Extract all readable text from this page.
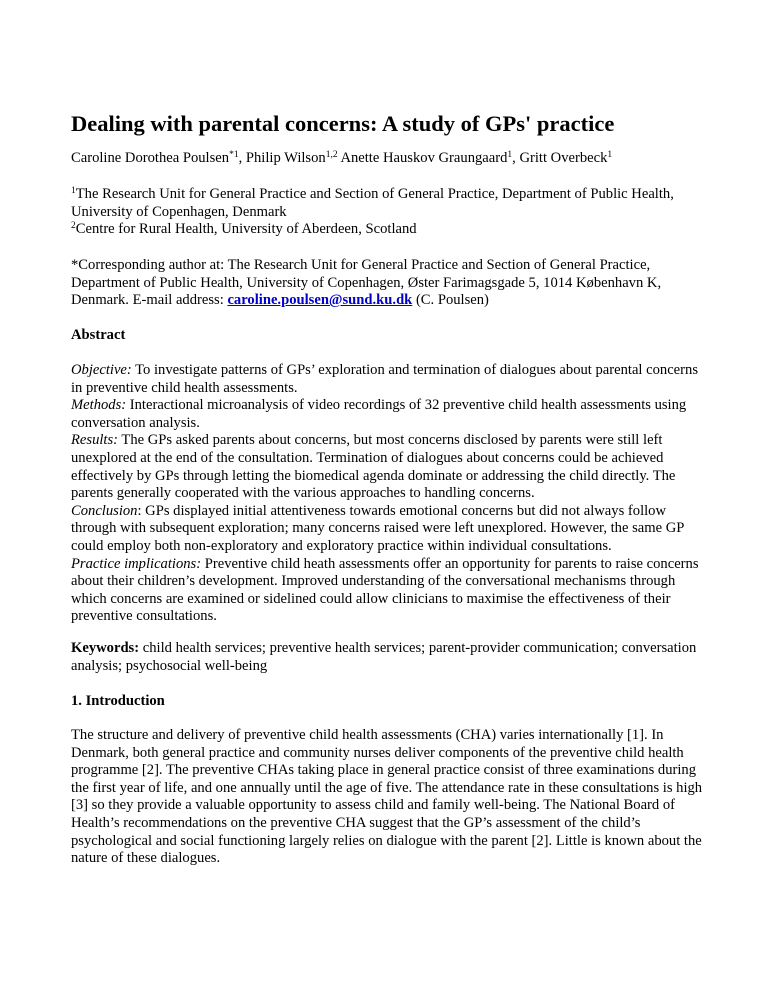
Dealing with parental concerns: A study of GPs' practice
Caroline Dorothea Poulsen$^{*1}$, Philip Wilson$^{1,2}$ Anette Hauskov Graungaard$^1$, Gritt Overbeck$^1$

$^1$The Research Unit for General Practice and Section of General Practice, Department of Public Health, University of Copenhagen, Denmark

$^2$Centre for Rural Health, University of Aberdeen, Scotland

*Corresponding author at: The Research Unit for General Practice and Section of General Practice, Department of Public Health, University of Copenhagen, Øster Farimagsgade 5, 1014 København K, Denmark. E-mail address: caroline.poulsen@sund.ku.dk (C. Poulsen)

Abstract

Objective: To investigate patterns of GPs’ exploration and termination of dialogues about parental concerns in preventive child health assessments.

Methods: Interactional microanalysis of video recordings of 32 preventive child health assessments using conversation analysis.

Results: The GPs asked parents about concerns, but most concerns disclosed by parents were still left unexplored at the end of the consultation. Termination of dialogues about concerns could be achieved effectively by GPs through letting the biomedical agenda dominate or addressing the child directly. The parents generally cooperated with the various approaches to handling concerns.

Conclusion: GPs displayed initial attentiveness towards emotional concerns but did not always follow through with subsequent exploration; many concerns raised were left unexplored. However, the same GP could employ both non-exploratory and exploratory practice within individual consultations.

Practice implications: Preventive child heath assessments offer an opportunity for parents to raise concerns about their children’s development. Improved understanding of the conversational mechanisms through which concerns are examined or sidelined could allow clinicians to maximise the effectiveness of their preventive consultations.

Keywords: child health services; preventive health services; parent-provider communication; conversation analysis; psychosocial well-being

1. Introduction

The structure and delivery of preventive child health assessments (CHA) varies internationally [1]. In Denmark, both general practice and community nurses deliver components of the preventive child health programme [2]. The preventive CHAs taking place in general practice consist of three examinations during the first year of life, and one annually until the age of five. The attendance rate in these consultations is high [3] so they provide a valuable opportunity to assess child and family well-being. The National Board of Health’s recommendations on the preventive CHA suggest that the GP’s assessment of the child’s psychological and social functioning largely relies on dialogue with the parent [2]. Little is known about the nature of these dialogues.
